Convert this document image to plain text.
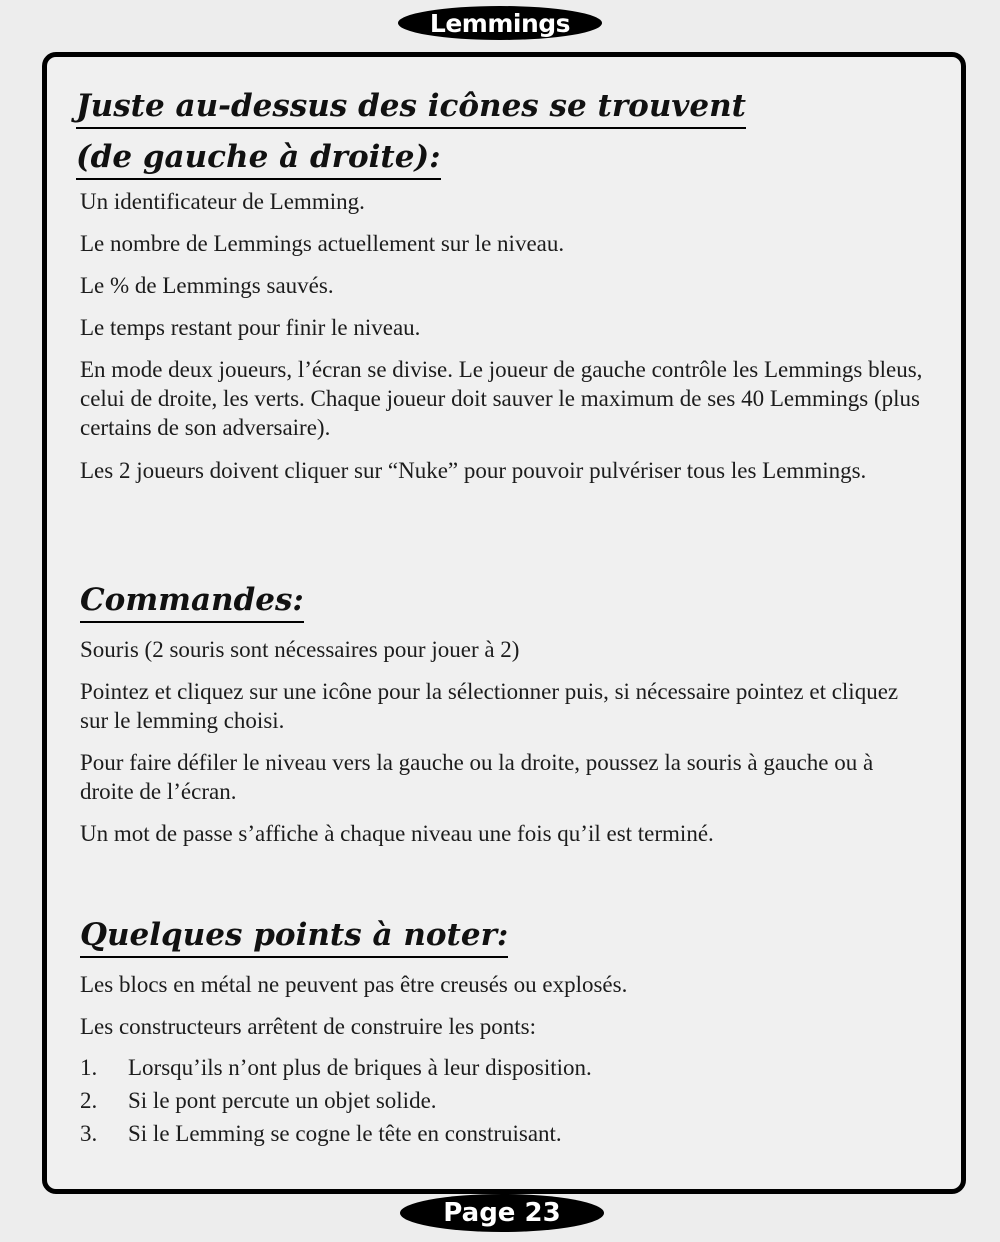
Lemmings
Juste au-dessus des icônes se trouvent
(de gauche à droite):

Un identificateur de Lemming.

Le nombre de Lemmings actuellement sur le niveau.

Le % de Lemmings sauvés.

Le temps restant pour finir le niveau.

En mode deux joueurs, l’écran se divise. Le joueur de gauche contrôle les Lemmings bleus, celui de droite, les verts. Chaque joueur doit sauver le maximum de ses 40 Lemmings (plus certains de son adversaire).

Les 2 joueurs doivent cliquer sur “Nuke” pour pouvoir pulvériser tous les Lemmings.

Commandes:

Souris (2 souris sont nécessaires pour jouer à 2)

Pointez et cliquez sur une icône pour la sélectionner puis, si nécessaire pointez et cliquez sur le lemming choisi.

Pour faire défiler le niveau vers la gauche ou la droite, poussez la souris à gauche ou à droite de l’écran.

Un mot de passe s’affiche à chaque niveau une fois qu’il est terminé.

Quelques points à noter:

Les blocs en métal ne peuvent pas être creusés ou explosés.

Les constructeurs arrêtent de construire les ponts:

1. Lorsqu’ils n’ont plus de briques à leur disposition.
2. Si le pont percute un objet solide.
3. Si le Lemming se cogne le tête en construisant.
Page 23
